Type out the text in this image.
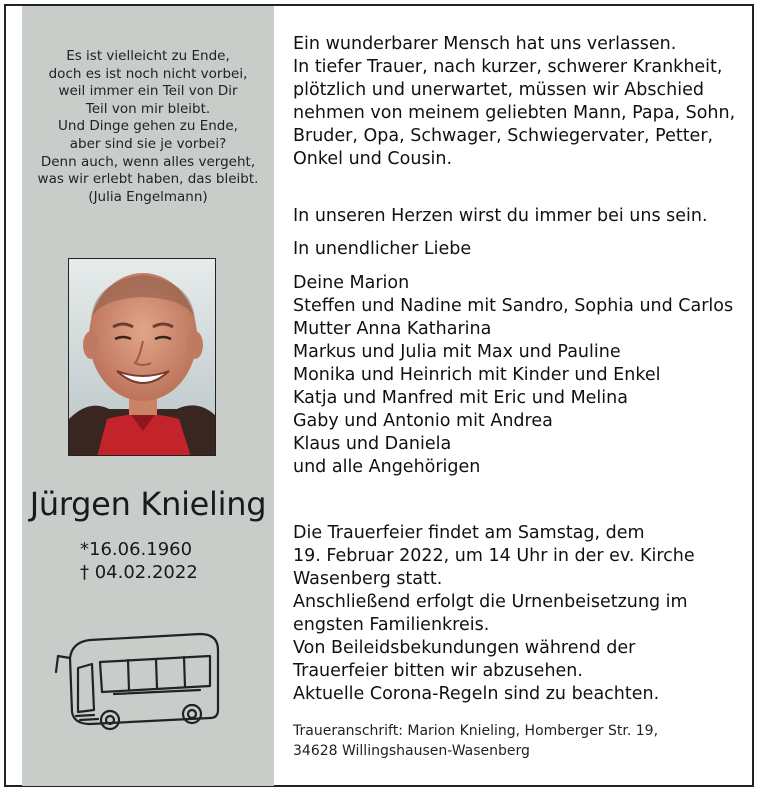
Es ist vielleicht zu Ende,
doch es ist noch nicht vorbei,
weil immer ein Teil von Dir
Teil von mir bleibt.
Und Dinge gehen zu Ende,
aber sind sie je vorbei?
Denn auch, wenn alles vergeht,
was wir erlebt haben, das bleibt.
(Julia Engelmann)
Jürgen Knieling
*16.06.1960
† 04.02.2022
Ein wunderbarer Mensch hat uns verlassen.
In tiefer Trauer, nach kurzer, schwerer Krankheit,
plötzlich und unerwartet, müssen wir Abschied
nehmen von meinem geliebten Mann, Papa, Sohn,
Bruder, Opa, Schwager, Schwiegervater, Petter,
Onkel und Cousin.
In unseren Herzen wirst du immer bei uns sein.
In unendlicher Liebe
Deine Marion
Steffen und Nadine mit Sandro, Sophia und Carlos
Mutter Anna Katharina
Markus und Julia mit Max und Pauline
Monika und Heinrich mit Kinder und Enkel
Katja und Manfred mit Eric und Melina
Gaby und Antonio mit Andrea
Klaus und Daniela
und alle Angehörigen
Die Trauerfeier findet am Samstag, dem
19. Februar 2022, um 14 Uhr in der ev. Kirche
Wasenberg statt.
Anschließend erfolgt die Urnenbeisetzung im
engsten Familienkreis.
Von Beileidsbekundungen während der
Trauerfeier bitten wir abzusehen.
Aktuelle Corona-Regeln sind zu beachten.
Traueranschrift: Marion Knieling, Homberger Str. 19,
34628 Willingshausen-Wasenberg
